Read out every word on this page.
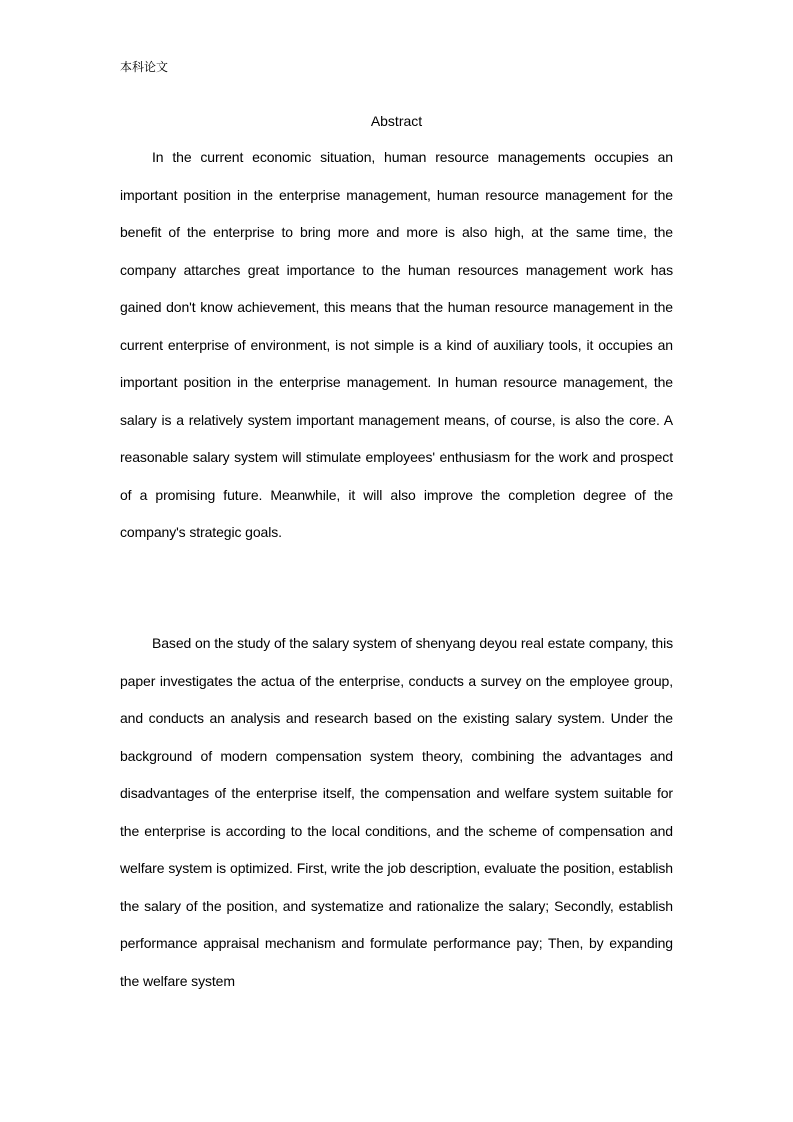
本科论文
Abstract

In the current economic situation, human resource managements occupies an important position in the enterprise management, human resource management for the benefit of the enterprise to bring more and more is also high, at the same time, the company attarches great importance to the human resources management work has gained don't know achievement, this means that the human resource management in the current enterprise of environment, is not simple is a kind of auxiliary tools, it occupies an important position in the enterprise management. In human resource management, the salary is a relatively system important management means, of course, is also the core. A reasonable salary system will stimulate employees' enthusiasm for the work and prospect of a promising future. Meanwhile, it will also improve the completion degree of the company's strategic goals.

Based on the study of the salary system of shenyang deyou real estate company, this paper investigates the actua of the enterprise, conducts a survey on the employee group, and conducts an analysis and research based on the existing salary system. Under the background of modern compensation system theory, combining the advantages and disadvantages of the enterprise itself, the compensation and welfare system suitable for the enterprise is according to the local conditions, and the scheme of compensation and welfare system is optimized. First, write the job description, evaluate the position, establish the salary of the position, and systematize and rationalize the salary; Secondly, establish performance appraisal mechanism and formulate performance pay; Then, by expanding the welfare system
